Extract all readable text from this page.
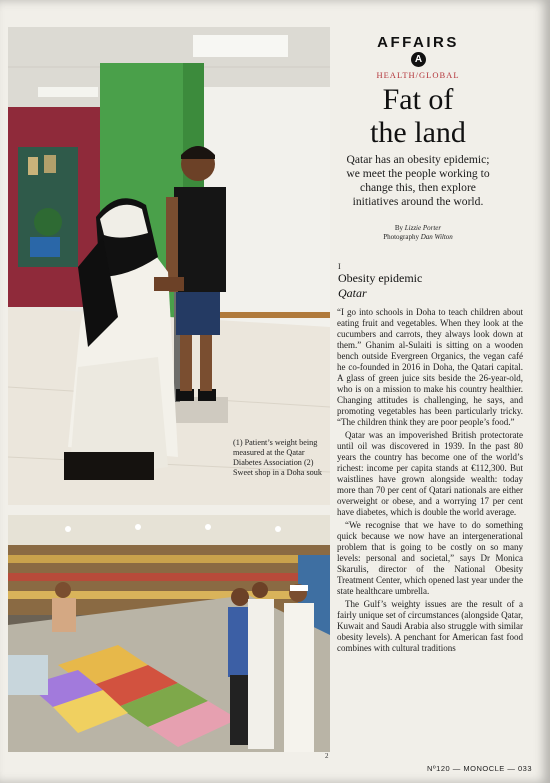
(1) Patient’s weight being measured at the Qatar Diabetes Association (2) Sweet shop in a Doha souk
2
AFFAIRS
A
HEALTH/GLOBAL
Fat of
the land
Qatar has an obesity epidemic; we meet the people working to change this, then explore initiatives around the world.
By Lizzie Porter
Photography Dan Wilton
I
Obesity epidemic
Qatar

“I go into schools in Doha to teach children about eating fruit and vegetables. When they look at the cucumbers and carrots, they always look down at them.” Ghanim al-Sulaiti is sitting on a wooden bench outside Evergreen Organics, the vegan café he co-founded in 2016 in Doha, the Qatari capital. A glass of green juice sits beside the 26-year-old, who is on a mission to make his country healthier. Changing attitudes is challenging, he says, and promoting vegetables has been particularly tricky. “The children think they are poor people’s food.”

Qatar was an impoverished British protectorate until oil was discovered in 1939. In the past 80 years the country has become one of the world’s richest: income per capita stands at €112,300. But waistlines have grown alongside wealth: today more than 70 per cent of Qatari nationals are either overweight or obese, and a worrying 17 per cent have diabetes, which is double the world average.

“We recognise that we have to do something quick because we now have an intergenerational problem that is going to be costly on so many levels: personal and societal,” says Dr Monica Skarulis, director of the National Obesity Treatment Center, which opened last year under the state healthcare umbrella.

The Gulf’s weighty issues are the result of a fairly unique set of circumstances (alongside Qatar, Kuwait and Saudi Arabia also struggle with similar obesity levels). A penchant for American fast food combines with cultural traditions

Nº120 — MONOCLE — 033
